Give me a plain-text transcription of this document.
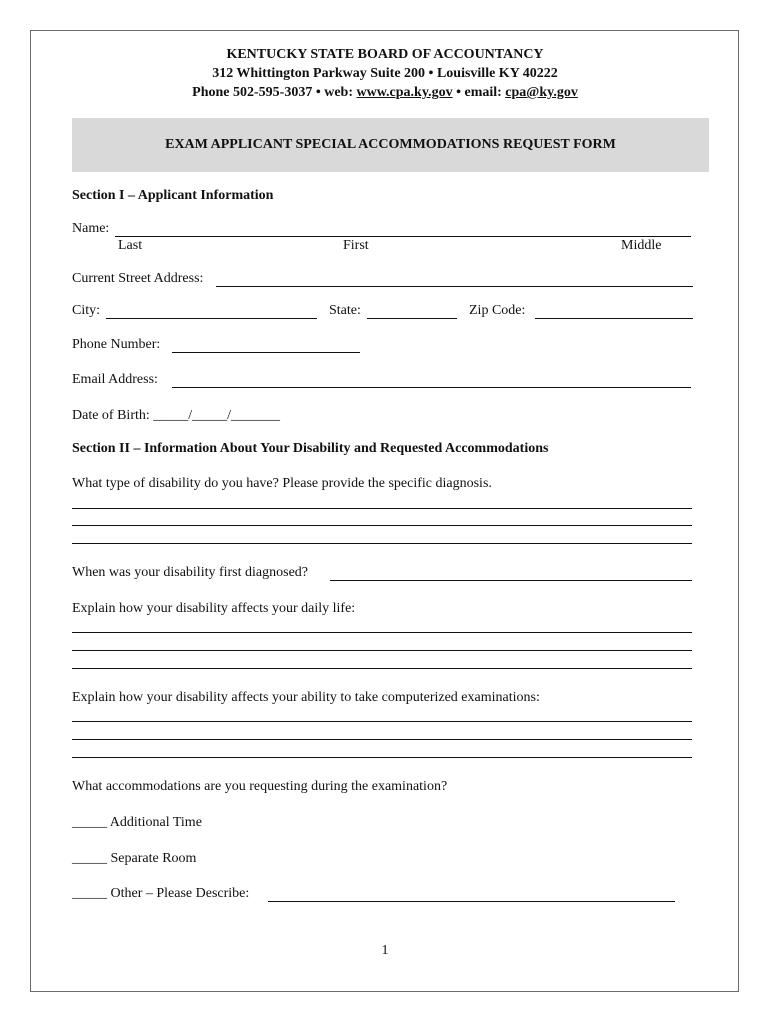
KENTUCKY STATE BOARD OF ACCOUNTANCY
312 Whittington Parkway Suite 200 • Louisville KY 40222
Phone 502-595-3037 • web: www.cpa.ky.gov • email: cpa@ky.gov
EXAM APPLICANT SPECIAL ACCOMMODATIONS REQUEST FORM
Section I – Applicant Information
Name:
Last	First	Middle
Current Street Address:
City:	State:	Zip Code:
Phone Number:
Email Address:
Date of Birth: _____/_____/_______
Section II – Information About Your Disability and Requested Accommodations
What type of disability do you have? Please provide the specific diagnosis.
When was your disability first diagnosed?
Explain how your disability affects your daily life:
Explain how your disability affects your ability to take computerized examinations:
What accommodations are you requesting during the examination?
_____ Additional Time
_____ Separate Room
_____ Other – Please Describe:
1
